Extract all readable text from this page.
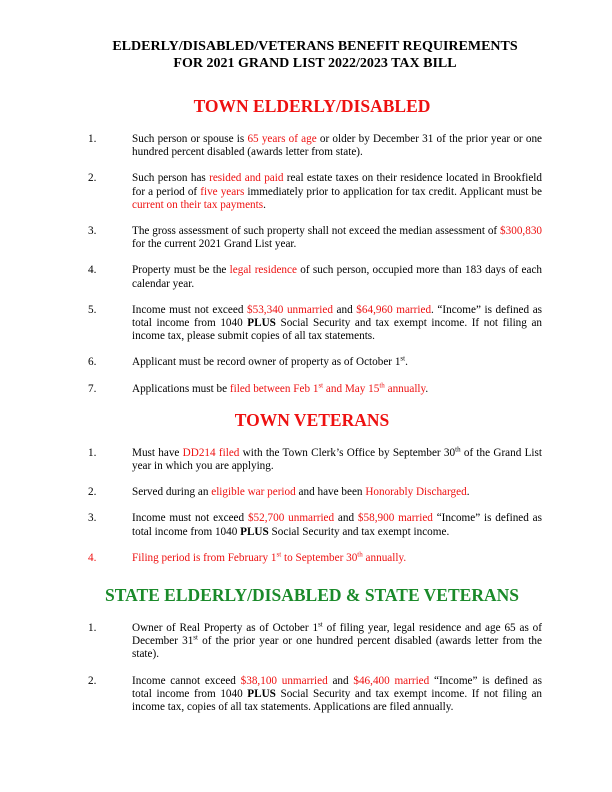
ELDERLY/DISABLED/VETERANS BENEFIT REQUIREMENTS
FOR 2021 GRAND LIST 2022/2023 TAX BILL
TOWN ELDERLY/DISABLED
1.	Such person or spouse is 65 years of age or older by December 31 of the prior year or one hundred percent disabled (awards letter from state).
2.	Such person has resided and paid real estate taxes on their residence located in Brookfield for a period of five years immediately prior to application for tax credit. Applicant must be current on their tax payments.
3.	The gross assessment of such property shall not exceed the median assessment of $300,830 for the current 2021 Grand List year.
4.	Property must be the legal residence of such person, occupied more than 183 days of each calendar year.
5.	Income must not exceed $53,340 unmarried and $64,960 married. “Income” is defined as total income from 1040 PLUS Social Security and tax exempt income. If not filing an income tax, please submit copies of all tax statements.
6.	Applicant must be record owner of property as of October 1st.
7.	Applications must be filed between Feb 1st and May 15th annually.
TOWN VETERANS
1.	Must have DD214 filed with the Town Clerk’s Office by September 30th of the Grand List year in which you are applying.
2.	Served during an eligible war period and have been Honorably Discharged.
3.	Income must not exceed $52,700 unmarried and $58,900 married “Income” is defined as total income from 1040 PLUS Social Security and tax exempt income.
4.	Filing period is from February 1st to September 30th annually.
STATE ELDERLY/DISABLED & STATE VETERANS
1.	Owner of Real Property as of October 1st of filing year, legal residence and age 65 as of December 31st of the prior year or one hundred percent disabled (awards letter from the state).
2.	Income cannot exceed $38,100 unmarried and $46,400 married “Income” is defined as total income from 1040 PLUS Social Security and tax exempt income. If not filing an income tax, copies of all tax statements. Applications are filed annually.
